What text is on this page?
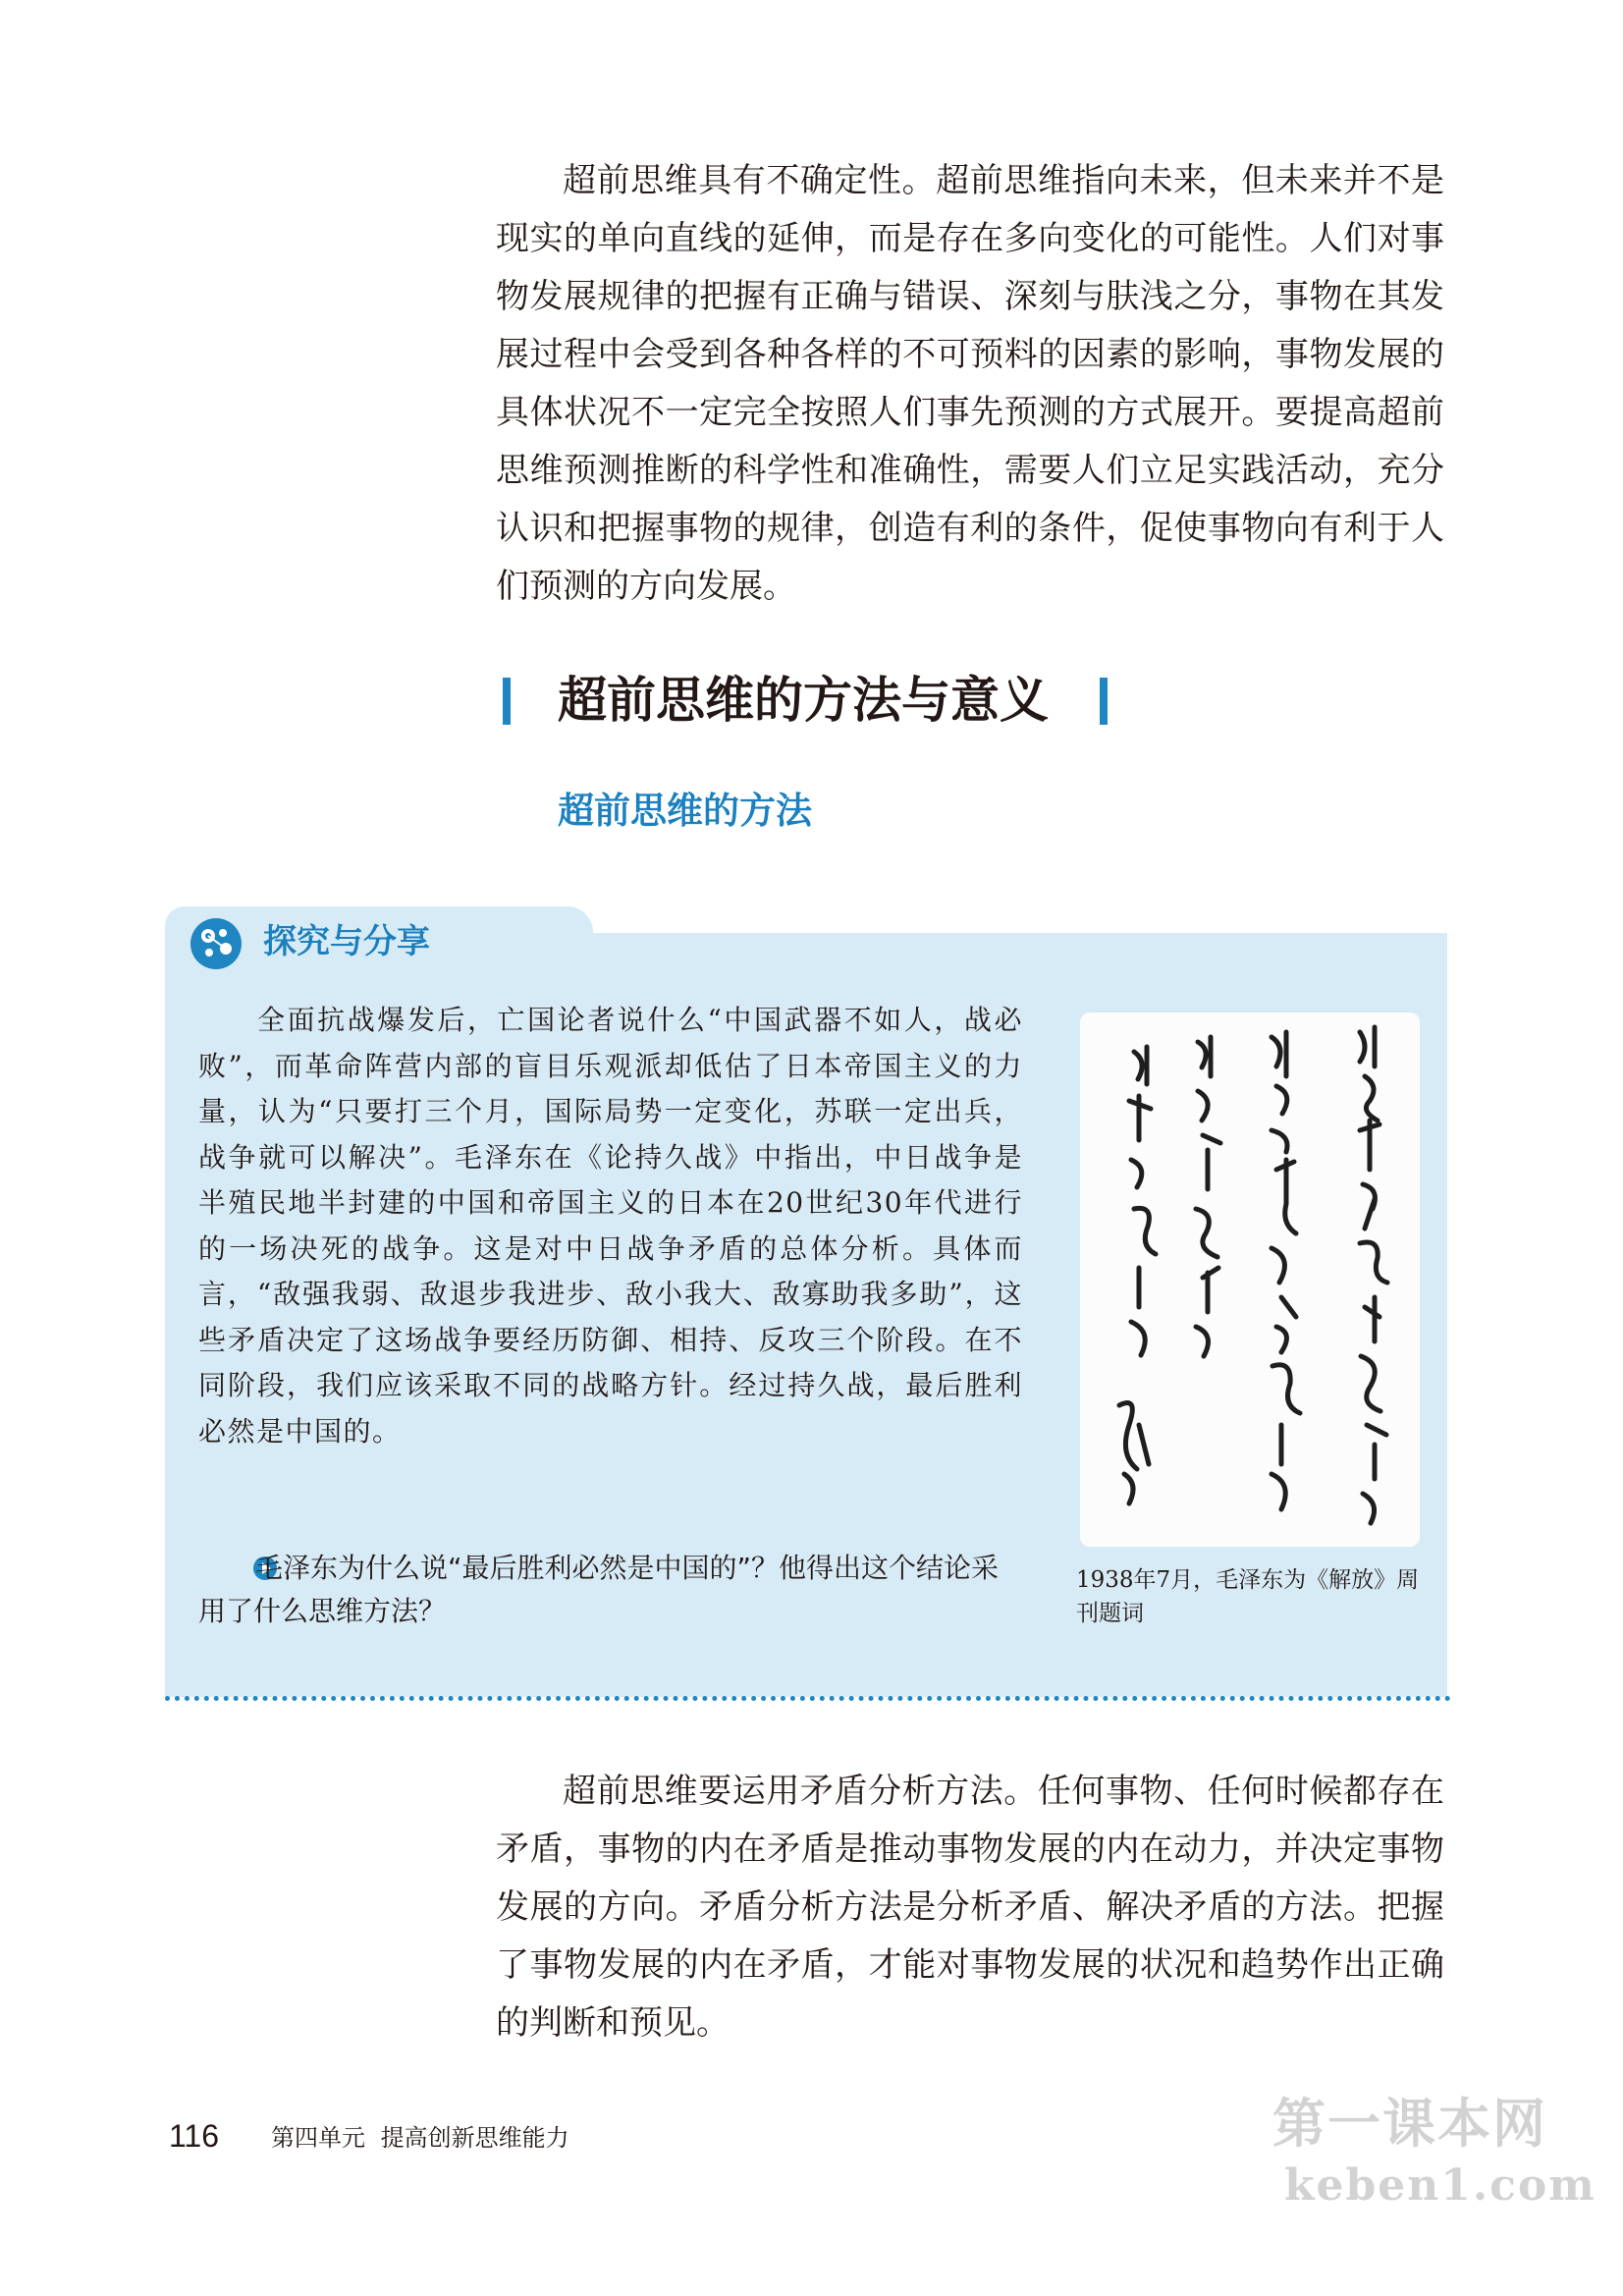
超前思维具有不确定性。超前思维指向未来，但未来并不是现实的单向直线的延伸，而是存在多向变化的可能性。人们对事物发展规律的把握有正确与错误、深刻与肤浅之分，事物在其发展过程中会受到各种各样的不可预料的因素的影响，事物发展的具体状况不一定完全按照人们事先预测的方式展开。要提高超前思维预测推断的科学性和准确性，需要人们立足实践活动，充分认识和把握事物的规律，创造有利的条件，促使事物向有利于人们预测的方向发展。

超前思维的方法与意义
超前思维的方法
探究与分享

全面抗战爆发后，亡国论者说什么“中国武器不如人，战必败”，而革命阵营内部的盲目乐观派却低估了日本帝国主义的力量，认为“只要打三个月，国际局势一定变化，苏联一定出兵，战争就可以解决”。毛泽东在《论持久战》中指出，中日战争是半殖民地半封建的中国和帝国主义的日本在20世纪30年代进行的一场决死的战争。这是对中日战争矛盾的总体分析。具体而言，“敌强我弱、敌退步我进步、敌小我大、敌寡助我多助”，这些矛盾决定了这场战争要经历防御、相持、反攻三个阶段。在不同阶段，我们应该采取不同的战略方针。经过持久战，最后胜利必然是中国的。

毛泽东为什么说“最后胜利必然是中国的”？他得出这个结论采用了什么思维方法？

1938年7月，毛泽东为《解放》周刊题词

超前思维要运用矛盾分析方法。任何事物、任何时候都存在矛盾，事物的内在矛盾是推动事物发展的内在动力，并决定事物发展的方向。矛盾分析方法是分析矛盾、解决矛盾的方法。把握了事物发展的内在矛盾，才能对事物发展的状况和趋势作出正确的判断和预见。

116 第四单元 提高创新思维能力	第一课本网
keben1.com
